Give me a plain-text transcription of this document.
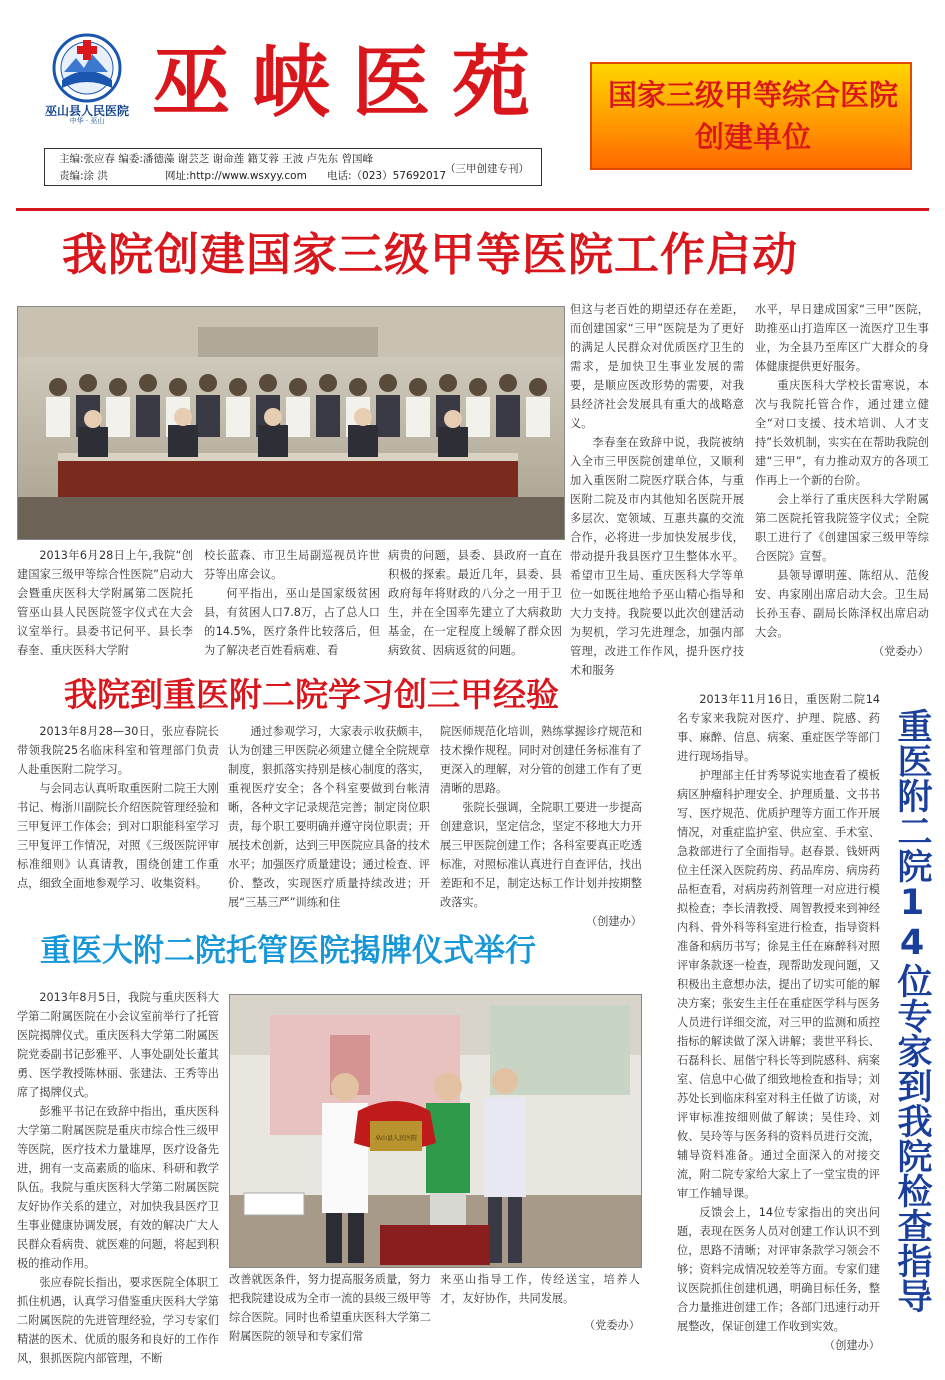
巫山县人民医院
中华 · 巫山 巫峡医苑 国家三级甲等综合医院创建单位
主编:张应春 编委:潘德藻 谢芸芝 谢命莲 籍艾蓉 王波 卢先东 曾国峰
（三甲创建专刊）
责编:涂 洪	网址:http://www.wsxyy.com 电话:（023）57692017
我院创建国家三级甲等医院工作启动

2013年6月28日上午,我院“创建国家三级甲等综合性医院”启动大会暨重庆医科大学附属第二医院托管巫山县人民医院签字仪式在大会议室举行。县委书记何平、县长李春奎、重庆医科大学附

校长蓝森、市卫生局副巡视员许世芬等出席会议。

何平指出，巫山是国家级贫困县，有贫困人口7.8万，占了总人口的14.5%，医疗条件比较落后，但为了解决老百姓看病难、看

病贵的问题，县委、县政府一直在积极的探索。最近几年，县委、县政府每年将财政的八分之一用于卫生，并在全国率先建立了大病救助基金，在一定程度上缓解了群众因病致贫、因病返贫的问题。

但这与老百姓的期望还存在差距，而创建国家“三甲”医院是为了更好的满足人民群众对优质医疗卫生的需求，是加快卫生事业发展的需要，是顺应医改形势的需要，对我县经济社会发展具有重大的战略意义。

李春奎在致辞中说，我院被纳入全市三甲医院创建单位，又顺利加入重医附二院医疗联合体，与重医附二院及市内其他知名医院开展多层次、宽领域、互惠共赢的交流合作，必将进一步加快发展步伐，带动提升我县医疗卫生整体水平。希望市卫生局、重庆医科大学等单位一如既往地给予巫山精心指导和大力支持。我院要以此次创建活动为契机，学习先进理念，加强内部管理，改进工作作风，提升医疗技术和服务

水平，早日建成国家“三甲”医院，助推巫山打造库区一流医疗卫生事业，为全县乃至库区广大群众的身体健康提供更好服务。

重庆医科大学校长雷寒说，本次与我院托管合作，通过建立健全“对口支援、技术培训、人才支持”长效机制，实实在在帮助我院创建“三甲”，有力推动双方的各项工作再上一个新的台阶。

会上举行了重庆医科大学附属第二医院托管我院签字仪式；全院职工进行了《创建国家三级甲等综合医院》宣誓。

县领导谭明莲、陈绍从、范俊安、冉家刚出席启动大会。卫生局长孙玉春、副局长陈泽权出席启动大会。

（党委办）
我院到重医附二院学习创三甲经验

2013年8月28—30日，张应春院长带领我院25名临床科室和管理部门负责人赴重医附二院学习。

与会同志认真听取重医附二院王大刚书记、梅浙川副院长介绍医院管理经验和三甲复评工作体会；到对口职能科室学习三甲复评工作情况，对照《三级医院评审标准细则》认真请教，围绕创建工作重点，细致全面地参观学习、收集资料。

通过参观学习，大家表示收获颇丰，认为创建三甲医院必须建立健全全院规章制度，狠抓落实持别是核心制度的落实，重视医疗安全；各个科室要做到台帐清晰，各种文字记录规范完善；制定岗位职责，每个职工要明确并遵守岗位职责；开展技术创新，达到三甲医院应具备的技术水平；加强医疗质量建设；通过检查、评价、整改，实现医疗质量持续改进；开展“三基三严”训练和住

院医师规范化培训，熟练掌握诊疗规范和技术操作规程。同时对创建任务标准有了更深入的理解，对分管的创建工作有了更清晰的思路。

张院长强调，全院职工要进一步提高创建意识，坚定信念，坚定不移地大力开展三甲医院创建工作；各科室要真正吃透标准，对照标准认真进行自查评估，找出差距和不足，制定达标工作计划并按期整改落实。

（创建办）
重医大附二院托管医院揭牌仪式举行

2013年8月5日，我院与重庆医科大学第二附属医院在小会议室前举行了托管医院揭牌仪式。重庆医科大学第二附属医院党委副书记彭雅平、人事处副处长董其勇、医学教授陈林丽、张建法、王秀等出席了揭牌仪式。

彭雅平书记在致辞中指出，重庆医科大学第二附属医院是重庆市综合性三级甲等医院，医疗技术力量雄厚，医疗设备先进，拥有一支高素质的临床、科研和教学队伍。我院与重庆医科大学第二附属医院友好协作关系的建立，对加快我县医疗卫生事业健康协调发展，有效的解决广大人民群众看病贵、就医难的问题，将起到积极的推动作用。

张应春院长指出，要求医院全体职工抓住机遇，认真学习借鉴重庆医科大学第二附属医院的先进管理经验，学习专家们精湛的医术、优质的服务和良好的工作作风，狠抓医院内部管理，不断

巫山县人民医院

改善就医条件，努力提高服务质量，努力把我院建设成为全市一流的县级三级甲等综合医院。同时也希望重庆医科大学第二附属医院的领导和专家们常

来巫山指导工作，传经送宝，培养人才，友好协作，共同发展。

（党委办）

2013年11月16日，重医附二院14名专家来我院对医疗、护理、院感、药事、麻醉、信息、病案、重症医学等部门进行现场指导。

护理部主任甘秀琴说实地查看了模板病区肿瘤科护理安全、护理质量、文书书写、医疗规范、优质护理等方面工作开展情况，对重症监护室、供应室、手术室、急救部进行了全面指导。赵春景、钱妍两位主任深入医院药房、药品库房、病房药品柜查看，对病房药剂管理一对应进行模拟检查；李长清教授、周智教授来到神经内科、骨外科等科室进行检查，指导资料准备和病历书写；徐晃主任在麻醉科对照评审条款逐一检查，现帮助发现问题，又积极出主意想办法，提出了切实可能的解决方案；张安生主任在重症医学科与医务人员进行详细交流，对三甲的监测和质控指标的解读做了深入讲解；裴世平科长、石磊科长、屈偕宁科长等到院感科、病案室、信息中心做了细致地检查和指导；刘苏处长到临床科室对科主任做了访谈，对评审标准按细则做了解读；吴佳玲、刘攸、吴玲等与医务科的资料员进行交流，辅导资料准备。通过全面深入的对接交流，附二院专家给大家上了一堂宝贵的评审工作辅导课。

反馈会上，14位专家指出的突出问题，表现在医务人员对创建工作认识不到位，思路不清晰；对评审条款学习领会不够；资料完成情况较差等方面。专家们建议医院抓住创建机遇，明确目标任务，整合力量推进创建工作；各部门迅速行动开展整改，保证创建工作收到实效。

（创建办）
重医附二院14位专家到我院检查指导
